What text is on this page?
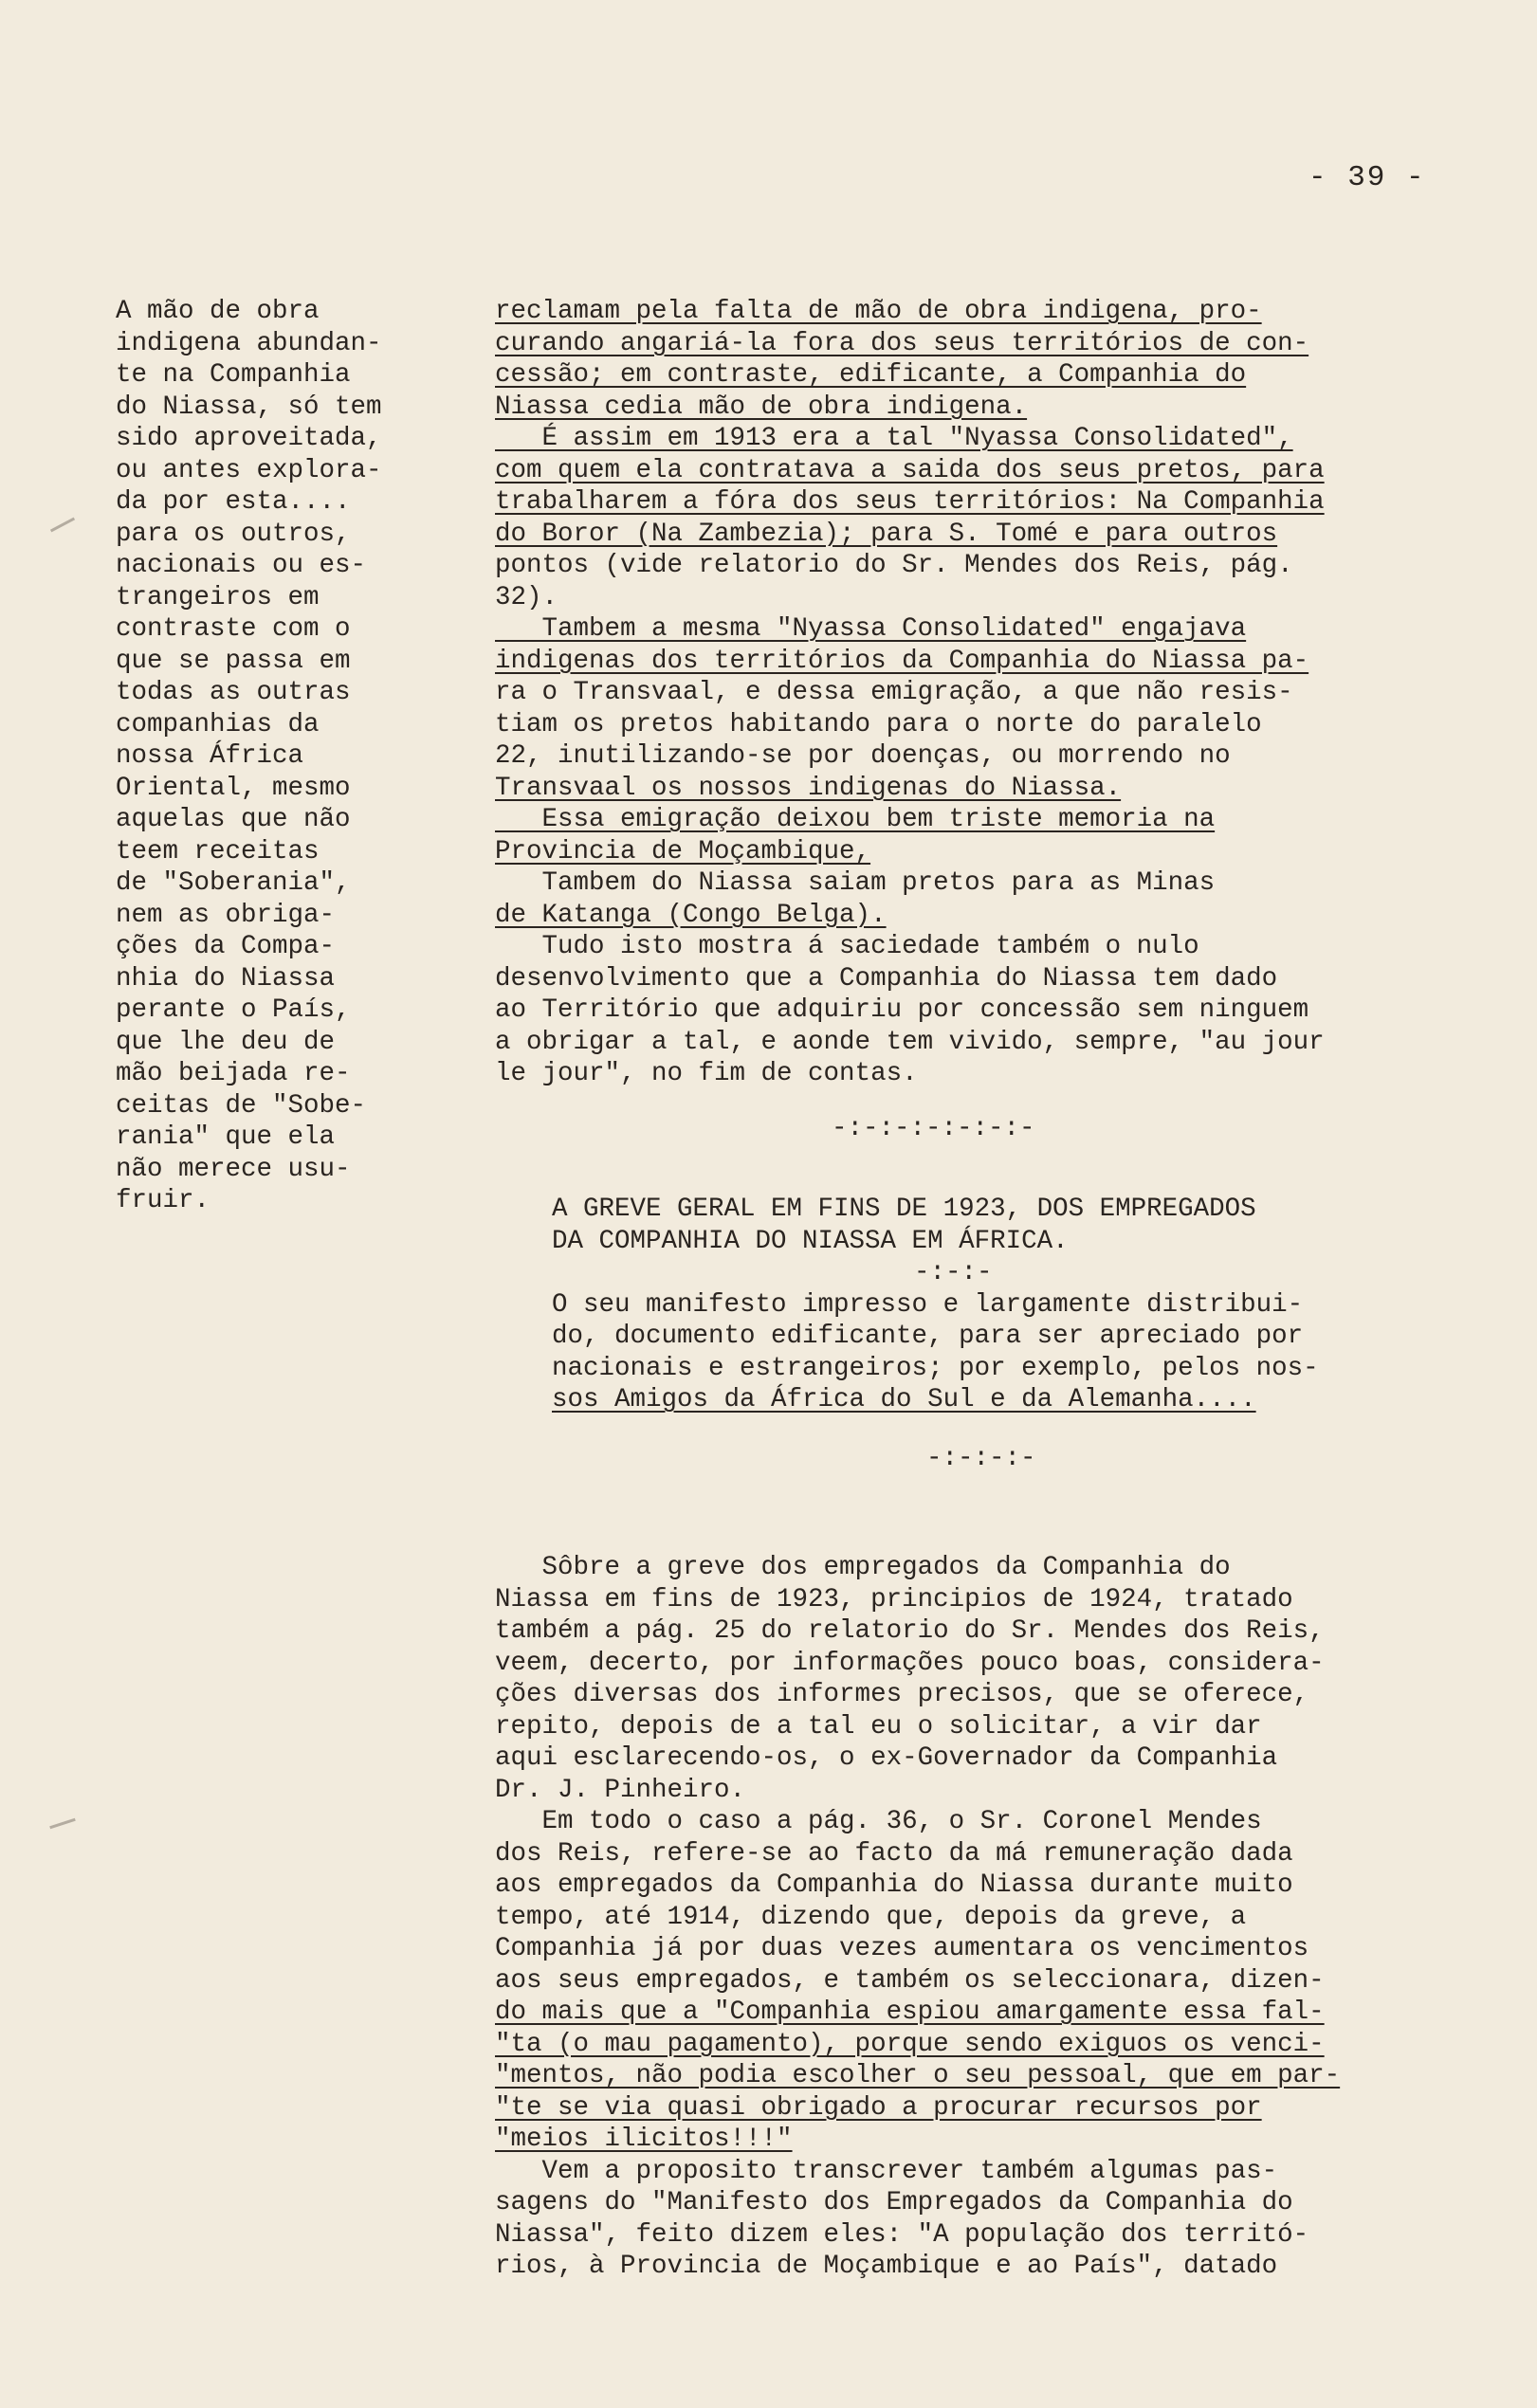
- 39 -
A mão de obra
indigena abundan-
te na Companhia
do Niassa, só tem
sido aproveitada,
ou antes explora-
da por esta....
para os outros,
nacionais ou es-
trangeiros em
contraste com o
que se passa em
todas as outras
companhias da
nossa África
Oriental, mesmo
aquelas que não
teem receitas
de "Soberania",
nem as obriga-
ções da Compa-
nhia do Niassa
perante o País,
que lhe deu de
mão beijada re-
ceitas de "Sobe-
rania" que ela
não merece usu-
fruir.
reclamam pela falta de mão de obra indigena, pro-
curando angariá-la fora dos seus territórios de con-
cessão; em contraste, edificante, a Companhia do
Niassa cedia mão de obra indigena.
É assim em 1913 era a tal "Nyassa Consolidated",
com quem ela contratava a saida dos seus pretos, para
trabalharem a fóra dos seus territórios: Na Companhia
do Boror (Na Zambezia); para S. Tomé e para outros
pontos (vide relatorio do Sr. Mendes dos Reis, pág.
32).
Tambem a mesma "Nyassa Consolidated" engajava
indigenas dos territórios da Companhia do Niassa pa-
ra o Transvaal, e dessa emigração, a que não resis-
tiam os pretos habitando para o norte do paralelo
22, inutilizando-se por doenças, ou morrendo no
Transvaal os nossos indigenas do Niassa.
Essa emigração deixou bem triste memoria na
Provincia de Moçambique,
Tambem do Niassa saiam pretos para as Minas
de Katanga (Congo Belga).
Tudo isto mostra á saciedade também o nulo
desenvolvimento que a Companhia do Niassa tem dado
ao Território que adquiriu por concessão sem ninguem
a obrigar a tal, e aonde tem vivido, sempre, "au jour
le jour", no fim de contas.
-:-:-:-:-:-:-
A GREVE GERAL EM FINS DE 1923, DOS EMPREGADOS
DA COMPANHIA DO NIASSA EM ÁFRICA.
-:-:-
O seu manifesto impresso e largamente distribui-
do, documento edificante, para ser apreciado por
nacionais e estrangeiros; por exemplo, pelos nos-
sos Amigos da África do Sul e da Alemanha....
-:-:-:-
Sôbre a greve dos empregados da Companhia do
Niassa em fins de 1923, principios de 1924, tratado
também a pág. 25 do relatorio do Sr. Mendes dos Reis,
veem, decerto, por informações pouco boas, considera-
ções diversas dos informes precisos, que se oferece,
repito, depois de a tal eu o solicitar, a vir dar
aqui esclarecendo-os, o ex-Governador da Companhia
Dr. J. Pinheiro.
Em todo o caso a pág. 36, o Sr. Coronel Mendes
dos Reis, refere-se ao facto da má remuneração dada
aos empregados da Companhia do Niassa durante muito
tempo, até 1914, dizendo que, depois da greve, a
Companhia já por duas vezes aumentara os vencimentos
aos seus empregados, e também os seleccionara, dizen-
do mais que a "Companhia espiou amargamente essa fal-
"ta (o mau pagamento), porque sendo exiguos os venci-
"mentos, não podia escolher o seu pessoal, que em par-
"te se via quasi obrigado a procurar recursos por
"meios ilicitos!!!"
Vem a proposito transcrever também algumas pas-
sagens do "Manifesto dos Empregados da Companhia do
Niassa", feito dizem eles: "A população dos territó-
rios, à Provincia de Moçambique e ao País", datado
